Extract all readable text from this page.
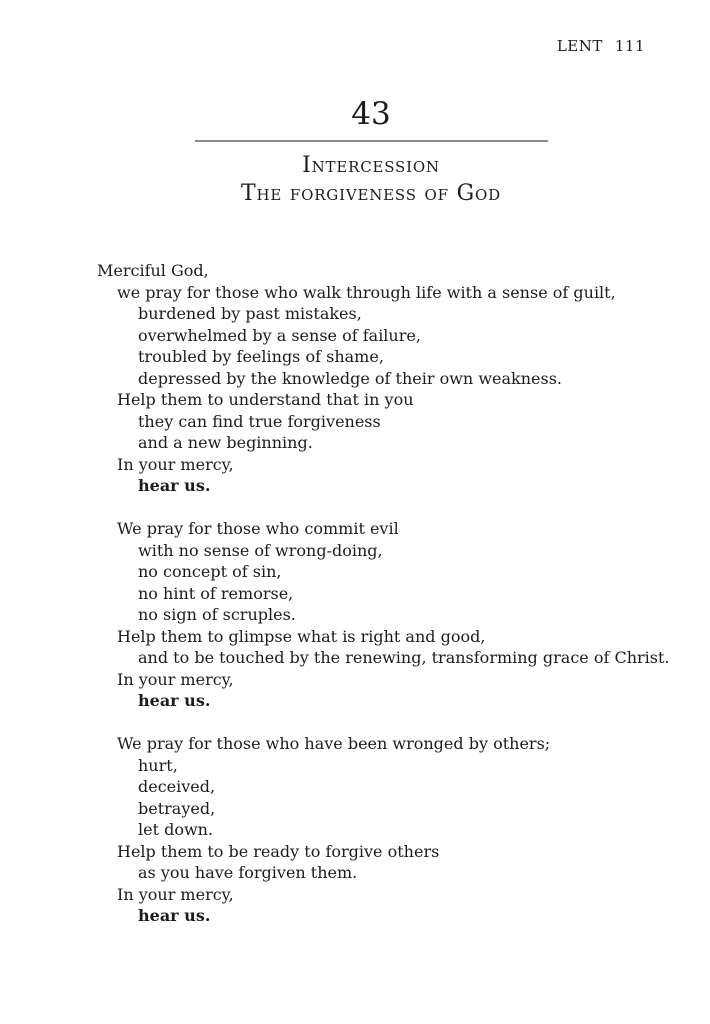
LENT 111
43
Intercession
The forgiveness of God
Merciful God,
we pray for those who walk through life with a sense of guilt,
burdened by past mistakes,
overwhelmed by a sense of failure,
troubled by feelings of shame,
depressed by the knowledge of their own weakness.
Help them to understand that in you
they can find true forgiveness
and a new beginning.
In your mercy,
hear us.
We pray for those who commit evil
with no sense of wrong-doing,
no concept of sin,
no hint of remorse,
no sign of scruples.
Help them to glimpse what is right and good,
and to be touched by the renewing, transforming grace of Christ.
In your mercy,
hear us.
We pray for those who have been wronged by others;
hurt,
deceived,
betrayed,
let down.
Help them to be ready to forgive others
as you have forgiven them.
In your mercy,
hear us.
